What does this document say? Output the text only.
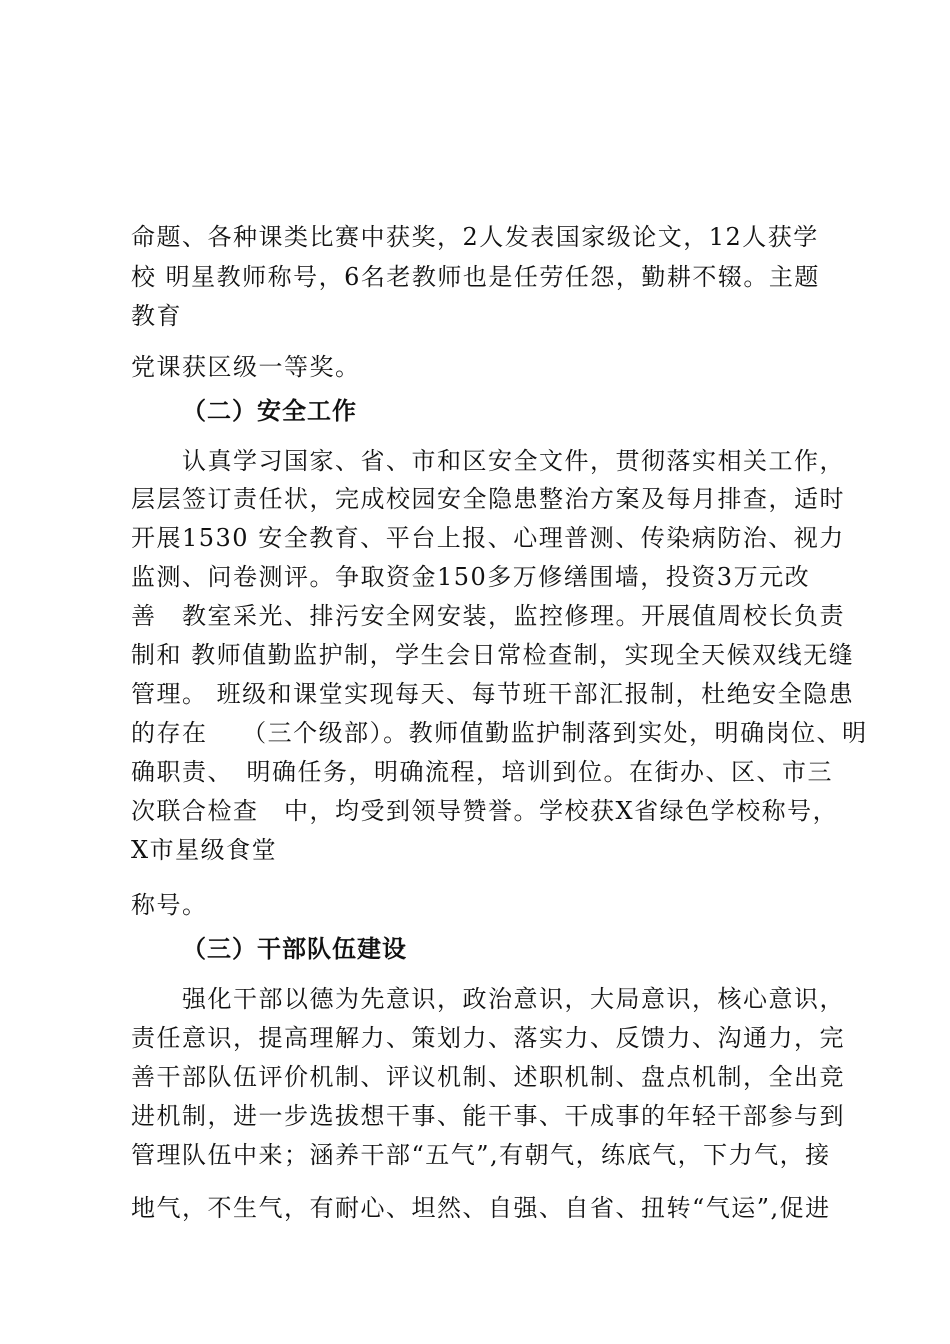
命题、各种课类比赛中获奖，2人发表国家级论文，12人获学
校 明星教师称号，6名老教师也是任劳任怨，勤耕不辍。主题
教育
党课获区级一等奖。
（二）安全工作
认真学习国家、省、市和区安全文件，贯彻落实相关工作，
层层签订责任状，完成校园安全隐患整治方案及每月排查，适时
开展1530 安全教育、平台上报、心理普测、传染病防治、视力
监测、问卷测评。争取资金150多万修缮围墙，投资3万元改
善　教室采光、排污安全网安装，监控修理。开展值周校长负责
制和 教师值勤监护制，学生会日常检查制，实现全天候双线无缝
管理。 班级和课堂实现每天、每节班干部汇报制，杜绝安全隐患
的存在　 （三个级部）。教师值勤监护制落到实处，明确岗位、明
确职责、　明确任务，明确流程，培训到位。在街办、区、市三
次联合检查　中，均受到领导赞誉。学校获X省绿色学校称号，
X市星级食堂
称号。
（三）干部队伍建设
强化干部以德为先意识，政治意识，大局意识，核心意识，
责任意识，提高理解力、策划力、落实力、反馈力、沟通力，完
善干部队伍评价机制、评议机制、述职机制、盘点机制，全出竞
进机制，进一步选拔想干事、能干事、干成事的年轻干部参与到
管理队伍中来；涵养干部“五气”,有朝气，练底气，下力气，接
地气，不生气，有耐心、坦然、自强、自省、扭转“气运”,促进
